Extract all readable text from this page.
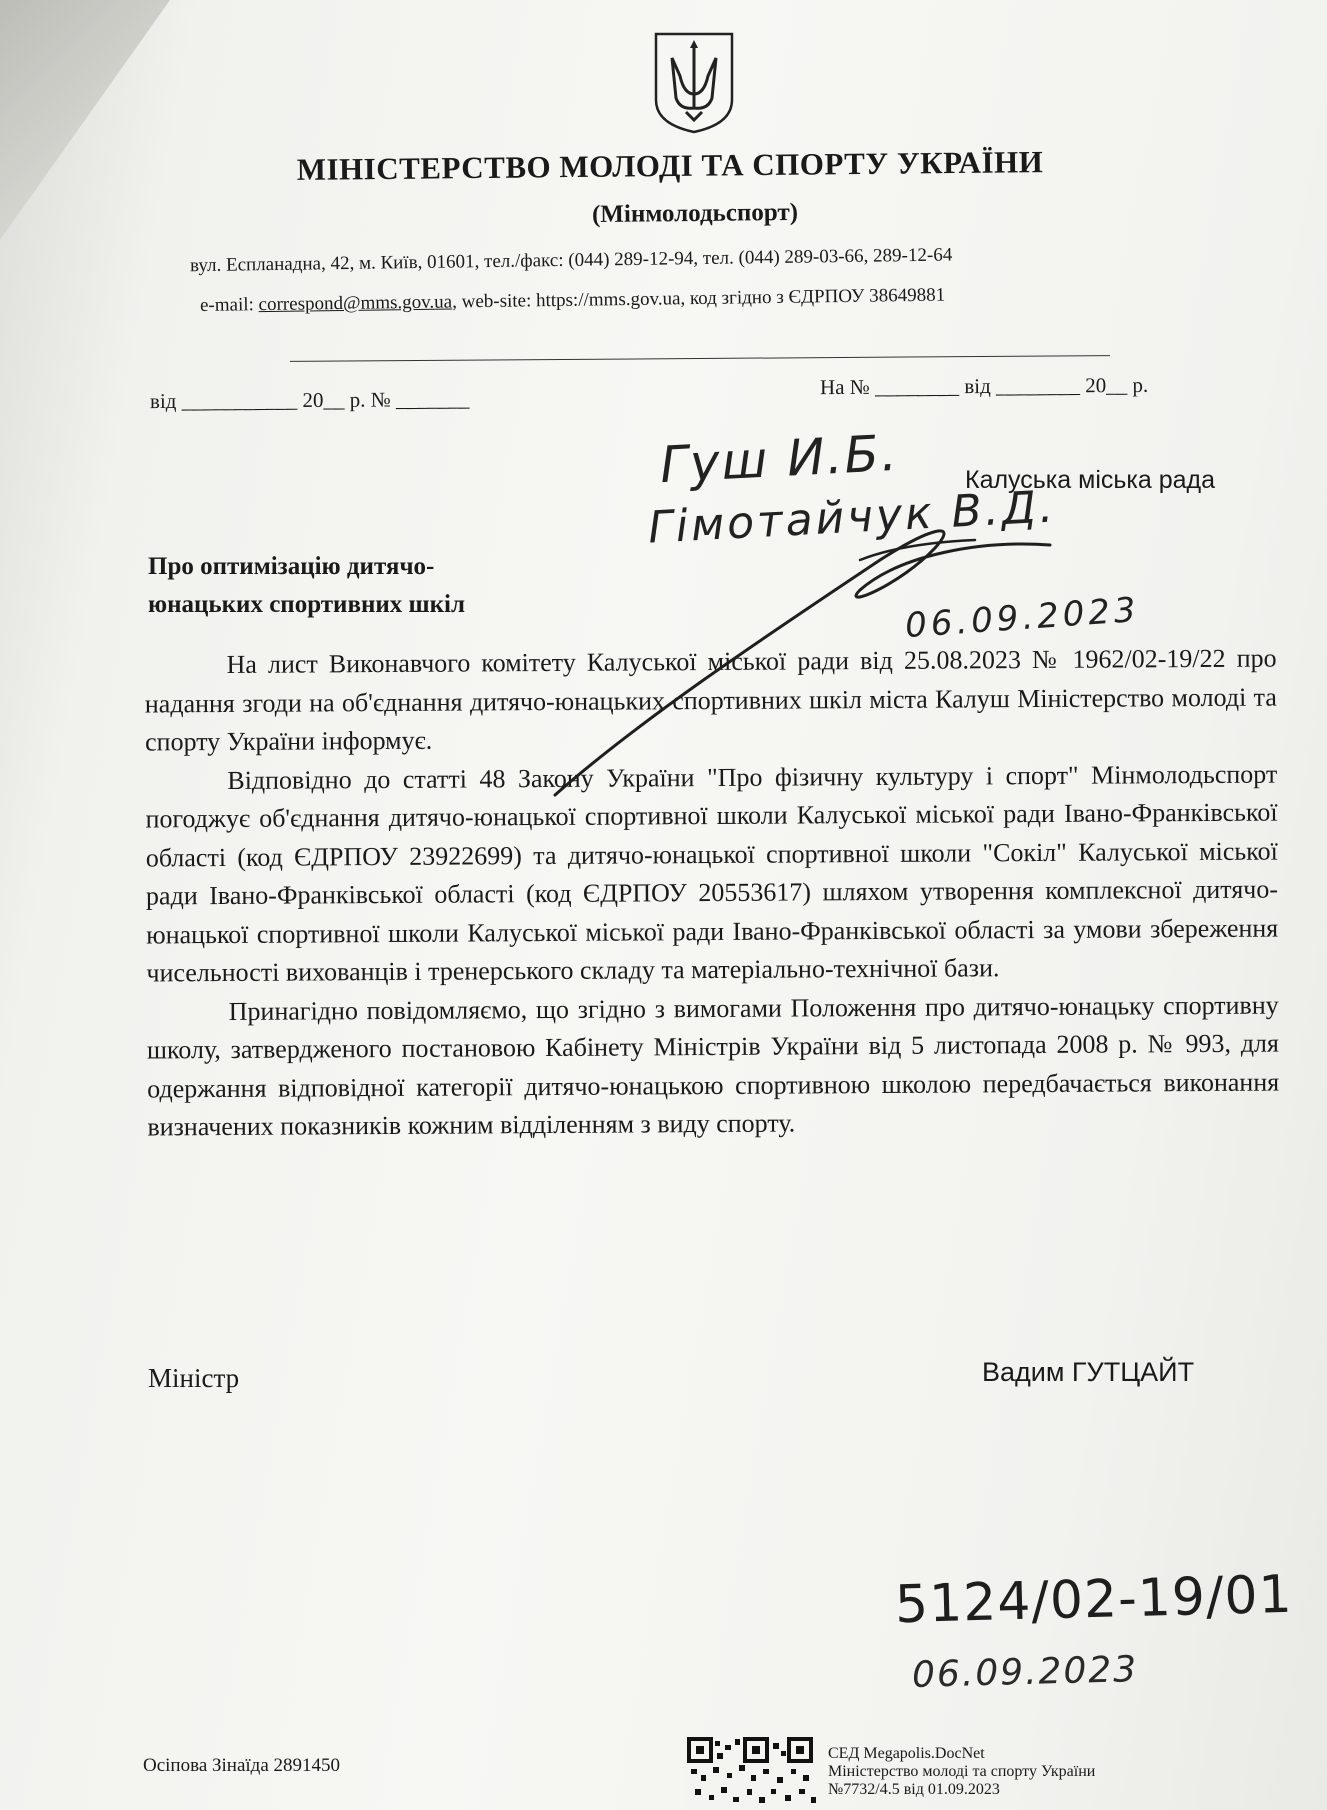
МІНІСТЕРСТВО МОЛОДІ ТА СПОРТУ УКРАЇНИ
(Мінмолодьспорт)
вул. Еспланадна, 42, м. Київ, 01601, тел./факс: (044) 289-12-94, тел. (044) 289-03-66, 289-12-64
e-mail: correspond@mms.gov.ua, web-site: https://mms.gov.ua, код згідно з ЄДРПОУ 38649881
від ___________ 20__ р. № _______
На № ________ від ________ 20__ р.
Калуська міська рада
Про оптимізацію дитячо-
юнацьких спортивних шкіл

На лист Виконавчого комітету Калуської міської ради від 25.08.2023 № 1962/02-19/22 про надання згоди на об'єднання дитячо-юнацьких спортивних шкіл міста Калуш Міністерство молоді та спорту України інформує.

Відповідно до статті 48 Закону України "Про фізичну культуру і спорт" Мінмолодьспорт погоджує об'єднання дитячо-юнацької спортивної школи Калуської міської ради Івано-Франківської області (код ЄДРПОУ 23922699) та дитячо-юнацької спортивної школи "Сокіл" Калуської міської ради Івано-Франківської області (код ЄДРПОУ 20553617) шляхом утворення комплексної дитячо-юнацької спортивної школи Калуської міської ради Івано-Франківської області за умови збереження чисельності вихованців і тренерського складу та матеріально-технічної бази.

Принагідно повідомляємо, що згідно з вимогами Положення про дитячо-юнацьку спортивну школу, затвердженого постановою Кабінету Міністрів України від 5 листопада 2008 р. № 993, для одержання відповідної категорії дитячо-юнацькою спортивною школою передбачається виконання визначених показників кожним відділенням з виду спорту.

Міністр	Вадим ГУТЦАЙТ
Гуш И.Б.
Гімотайчук В.Д.
06.09.2023
5124/02-19/01
06.09.2023
Осіпова Зінаїда 2891450
СЕД Megapolis.DocNet
Міністерство молоді та спорту України
№7732/4.5 від 01.09.2023
